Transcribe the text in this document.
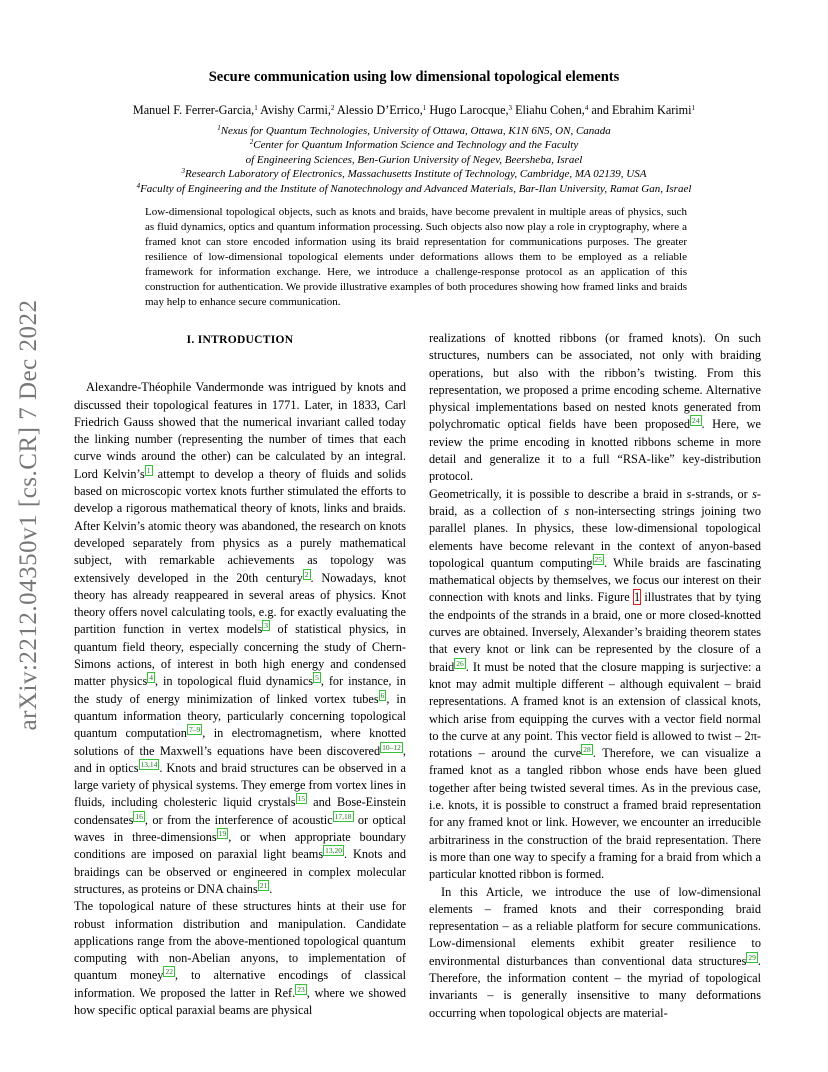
arXiv:2212.04350v1 [cs.CR] 7 Dec 2022
Secure communication using low dimensional topological elements
Manuel F. Ferrer-Garcia,$^1$ Avishy Carmi,$^2$ Alessio D’Errico,$^1$ Hugo Larocque,$^3$ Eliahu Cohen,$^4$ and Ebrahim Karimi$^1$
$^1$Nexus for Quantum Technologies, University of Ottawa, Ottawa, K1N 6N5, ON, Canada
$^2$Center for Quantum Information Science and Technology and the Faculty
of Engineering Sciences, Ben-Gurion University of Negev, Beersheba, Israel
$^3$Research Laboratory of Electronics, Massachusetts Institute of Technology, Cambridge, MA 02139, USA
$^4$Faculty of Engineering and the Institute of Nanotechnology and Advanced Materials, Bar-Ilan University, Ramat Gan, Israel
Low-dimensional topological objects, such as knots and braids, have become prevalent in multiple areas of physics, such as fluid dynamics, optics and quantum information processing. Such objects also now play a role in cryptography, where a framed knot can store encoded information using its braid representation for communications purposes. The greater resilience of low-dimensional topological elements under deformations allows them to be employed as a reliable framework for information exchange. Here, we introduce a challenge-response protocol as an application of this construction for authentication. We provide illustrative examples of both procedures showing how framed links and braids may help to enhance secure communication.

I. INTRODUCTION

Alexandre-Théophile Vandermonde was intrigued by knots and discussed their topological features in 1771. Later, in 1833, Carl Friedrich Gauss showed that the numerical invariant called today the linking number (representing the number of times that each curve winds around the other) can be calculated by an integral. Lord Kelvin’s $^1$ attempt to develop a theory of fluids and solids based on microscopic vortex knots further stimulated the efforts to develop a rigorous mathematical theory of knots, links and braids. After Kelvin’s atomic theory was abandoned, the research on knots developed separately from physics as a purely mathematical subject, with remarkable achievements as topology was extensively developed in the 20th century $^2$ . Nowadays, knot theory has already reappeared in several areas of physics. Knot theory offers novel calculating tools, e.g. for exactly evaluating the partition function in vertex models $^3$ of statistical physics, in quantum field theory, especially concerning the study of Chern-Simons actions, of interest in both high energy and condensed matter physics $^4$ , in topological fluid dynamics $^5$ , for instance, in the study of energy minimization of linked vortex tubes $^6$ , in quantum information theory, particularly concerning topological quantum computation $^{7-9}$ , in electromagnetism, where knotted solutions of the Maxwell’s equations have been discovered $^{10-12}$ , and in optics $^{13,14}$ . Knots and braid structures can be observed in a large variety of physical systems. They emerge from vortex lines in fluids, including cholesteric liquid crystals $^{15}$ and Bose-Einstein condensates $^{16}$ , or from the interference of acoustic $^{17,18}$ or optical waves in three-dimensions $^{19}$ , or when appropriate boundary conditions are imposed on paraxial light beams $^{13,20}$ . Knots and braidings can be observed or engineered in complex molecular structures, as proteins or DNA chains $^{21}$ .

The topological nature of these structures hints at their use for robust information distribution and manipulation. Candidate applications range from the above-mentioned topological quantum computing with non-Abelian anyons, to implementation of quantum money $^{22}$ , to alternative encodings of classical information. We proposed the latter in Ref. $^{23}$ , where we showed how specific optical paraxial beams are physical

realizations of knotted ribbons (or framed knots). On such structures, numbers can be associated, not only with braiding operations, but also with the ribbon’s twisting. From this representation, we proposed a prime encoding scheme. Alternative physical implementations based on nested knots generated from polychromatic optical fields have been proposed $^{24}$ . Here, we review the prime encoding in knotted ribbons scheme in more detail and generalize it to a full “RSA-like” key-distribution protocol.

Geometrically, it is possible to describe a braid in s-strands, or s-braid, as a collection of s non-intersecting strings joining two parallel planes. In physics, these low-dimensional topological elements have become relevant in the context of anyon-based topological quantum computing $^{25}$ . While braids are fascinating mathematical objects by themselves, we focus our interest on their connection with knots and links. Figure 1 illustrates that by tying the endpoints of the strands in a braid, one or more closed-knotted curves are obtained. Inversely, Alexander’s braiding theorem states that every knot or link can be represented by the closure of a braid $^{26}$ . It must be noted that the closure mapping is surjective: a knot may admit multiple different – although equivalent – braid representations. A framed knot is an extension of classical knots, which arise from equipping the curves with a vector field normal to the curve at any point. This vector field is allowed to twist – 2π-rotations – around the curve $^{28}$ . Therefore, we can visualize a framed knot as a tangled ribbon whose ends have been glued together after being twisted several times. As in the previous case, i.e. knots, it is possible to construct a framed braid representation for any framed knot or link. However, we encounter an irreducible arbitrariness in the construction of the braid representation. There is more than one way to specify a framing for a braid from which a particular knotted ribbon is formed.

In this Article, we introduce the use of low-dimensional elements – framed knots and their corresponding braid representation – as a reliable platform for secure communications. Low-dimensional elements exhibit greater resilience to environmental disturbances than conventional data structures $^{29}$ . Therefore, the information content – the myriad of topological invariants – is generally insensitive to many deformations occurring when topological objects are material-
